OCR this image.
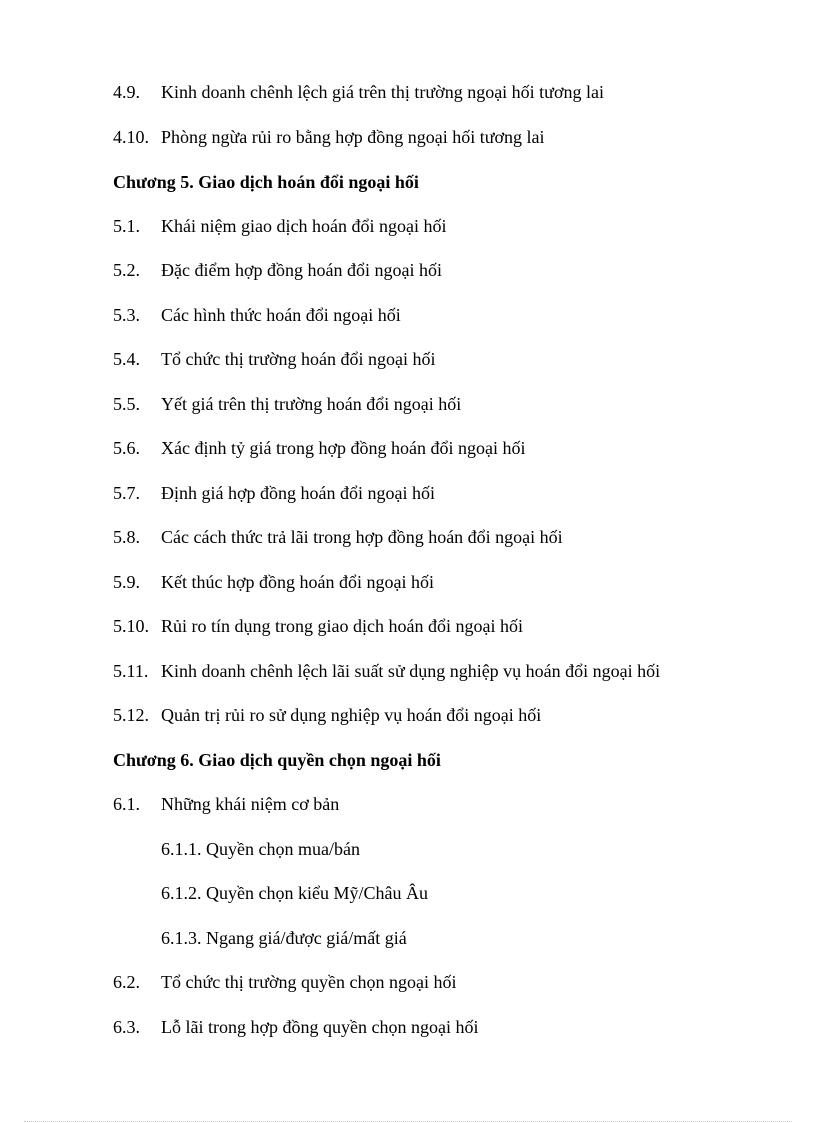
4.9. Kinh doanh chênh lệch giá trên thị trường ngoại hối tương lai
4.10. Phòng ngừa rủi ro bằng hợp đồng ngoại hối tương lai
Chương 5. Giao dịch hoán đổi ngoại hối
5.1. Khái niệm giao dịch hoán đổi ngoại hối
5.2. Đặc điểm hợp đồng hoán đổi ngoại hối
5.3. Các hình thức hoán đổi ngoại hối
5.4. Tổ chức thị trường hoán đổi ngoại hối
5.5. Yết giá trên thị trường hoán đổi ngoại hối
5.6. Xác định tỷ giá trong hợp đồng hoán đổi ngoại hối
5.7. Định giá hợp đồng hoán đổi ngoại hối
5.8. Các cách thức trả lãi trong hợp đồng hoán đổi ngoại hối
5.9. Kết thúc hợp đồng hoán đổi ngoại hối
5.10. Rủi ro tín dụng trong giao dịch hoán đổi ngoại hối
5.11. Kinh doanh chênh lệch lãi suất sử dụng nghiệp vụ hoán đổi ngoại hối
5.12. Quản trị rủi ro sử dụng nghiệp vụ hoán đổi ngoại hối
Chương 6. Giao dịch quyền chọn ngoại hối
6.1. Những khái niệm cơ bản
6.1.1. Quyền chọn mua/bán
6.1.2. Quyền chọn kiểu Mỹ/Châu Âu
6.1.3. Ngang giá/được giá/mất giá
6.2. Tổ chức thị trường quyền chọn ngoại hối
6.3. Lỗ lãi trong hợp đồng quyền chọn ngoại hối
